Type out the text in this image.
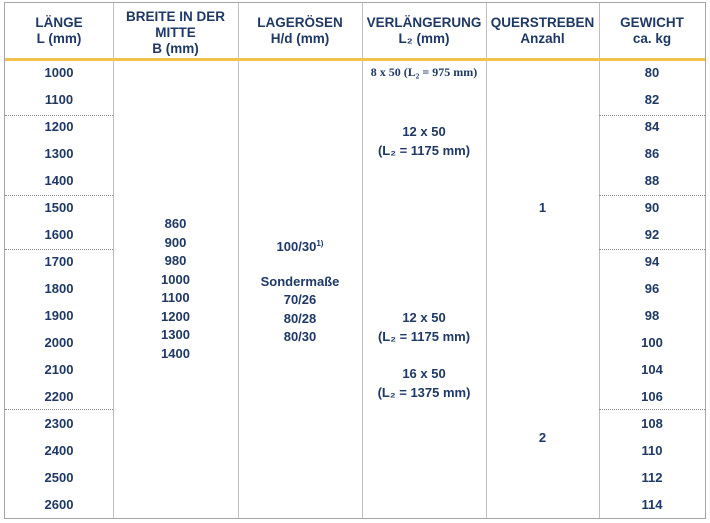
LÄNGE
L (mm)
BREITE IN DER
MITTE
B (mm)
LAGERÖSEN
H/d (mm)
VERLÄNGERUNG
L₂ (mm)
QUERSTREBEN
Anzahl
GEWICHT
ca. kg
1000
1100
1200
1300
1400
1500
1600
1700
1800
1900
2000
2100
2200
2300
2400
2500
2600
80
82
84
86
88
90
92
94
96
98
100
104
106
108
110
112
114
860
900
980
1000
1100
1200
1300
1400
100/30$^{1)}$
Sondermaße
70/26
80/28
80/30
8 x 50 (L₂ = 975 mm)
12 x 50
(L₂ = 1175 mm)
12 x 50
(L₂ = 1175 mm)
16 x 50
(L₂ = 1375 mm)
1
2
